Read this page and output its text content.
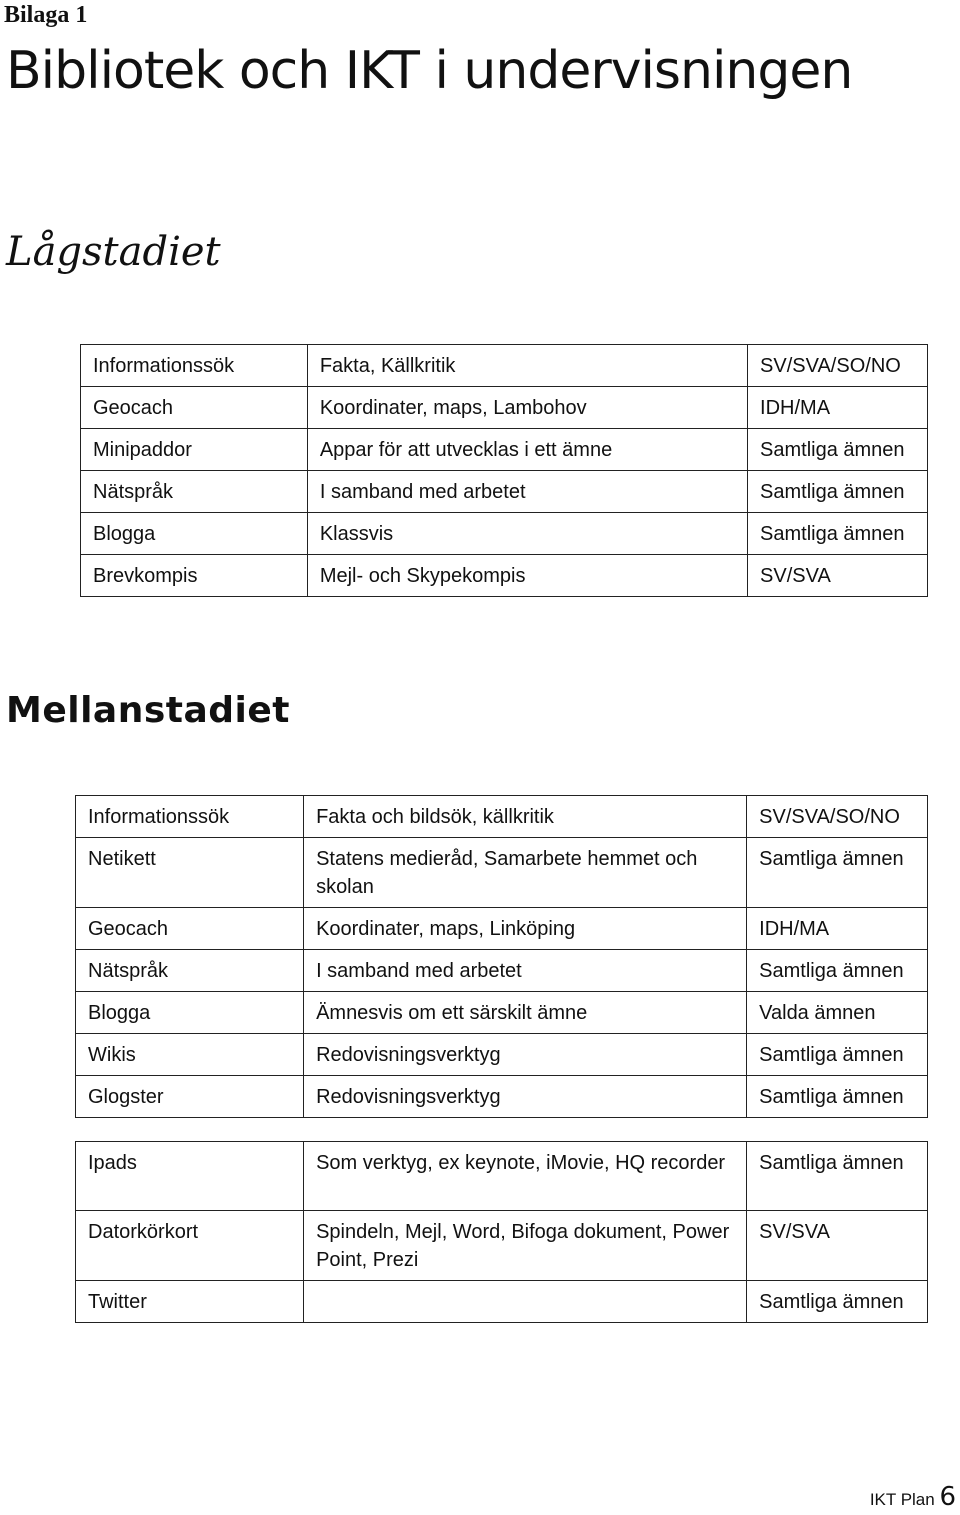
Bilaga 1
Bibliotek och IKT i undervisningen
Lågstadiet
Informationssök	Fakta, Källkritik	SV/SVA/SO/NO

Geocach	Koordinater, maps, Lambohov	IDH/MA

Minipaddor	Appar för att utvecklas i ett ämne	Samtliga ämnen

Nätspråk	I samband med arbetet	Samtliga ämnen

Blogga	Klassvis	Samtliga ämnen

Brevkompis	Mejl- och Skypekompis	SV/SVA
Mellanstadiet
Informationssök	Fakta och bildsök, källkritik	SV/SVA/SO/NO

Netikett	Statens medieråd, Samarbete hemmet och skolan	Samtliga ämnen

Geocach	Koordinater, maps, Linköping	IDH/MA

Nätspråk	I samband med arbetet	Samtliga ämnen

Blogga	Ämnesvis om ett särskilt ämne	Valda ämnen

Wikis	Redovisningsverktyg	Samtliga ämnen

Glogster	Redovisningsverktyg	Samtliga ämnen
Ipads	Som verktyg, ex keynote, iMovie, HQ recorder	Samtliga ämnen

Datorkörkort	Spindeln, Mejl, Word, Bifoga dokument, Power Point, Prezi	SV/SVA

Twitter		Samtliga ämnen
IKT Plan 6
